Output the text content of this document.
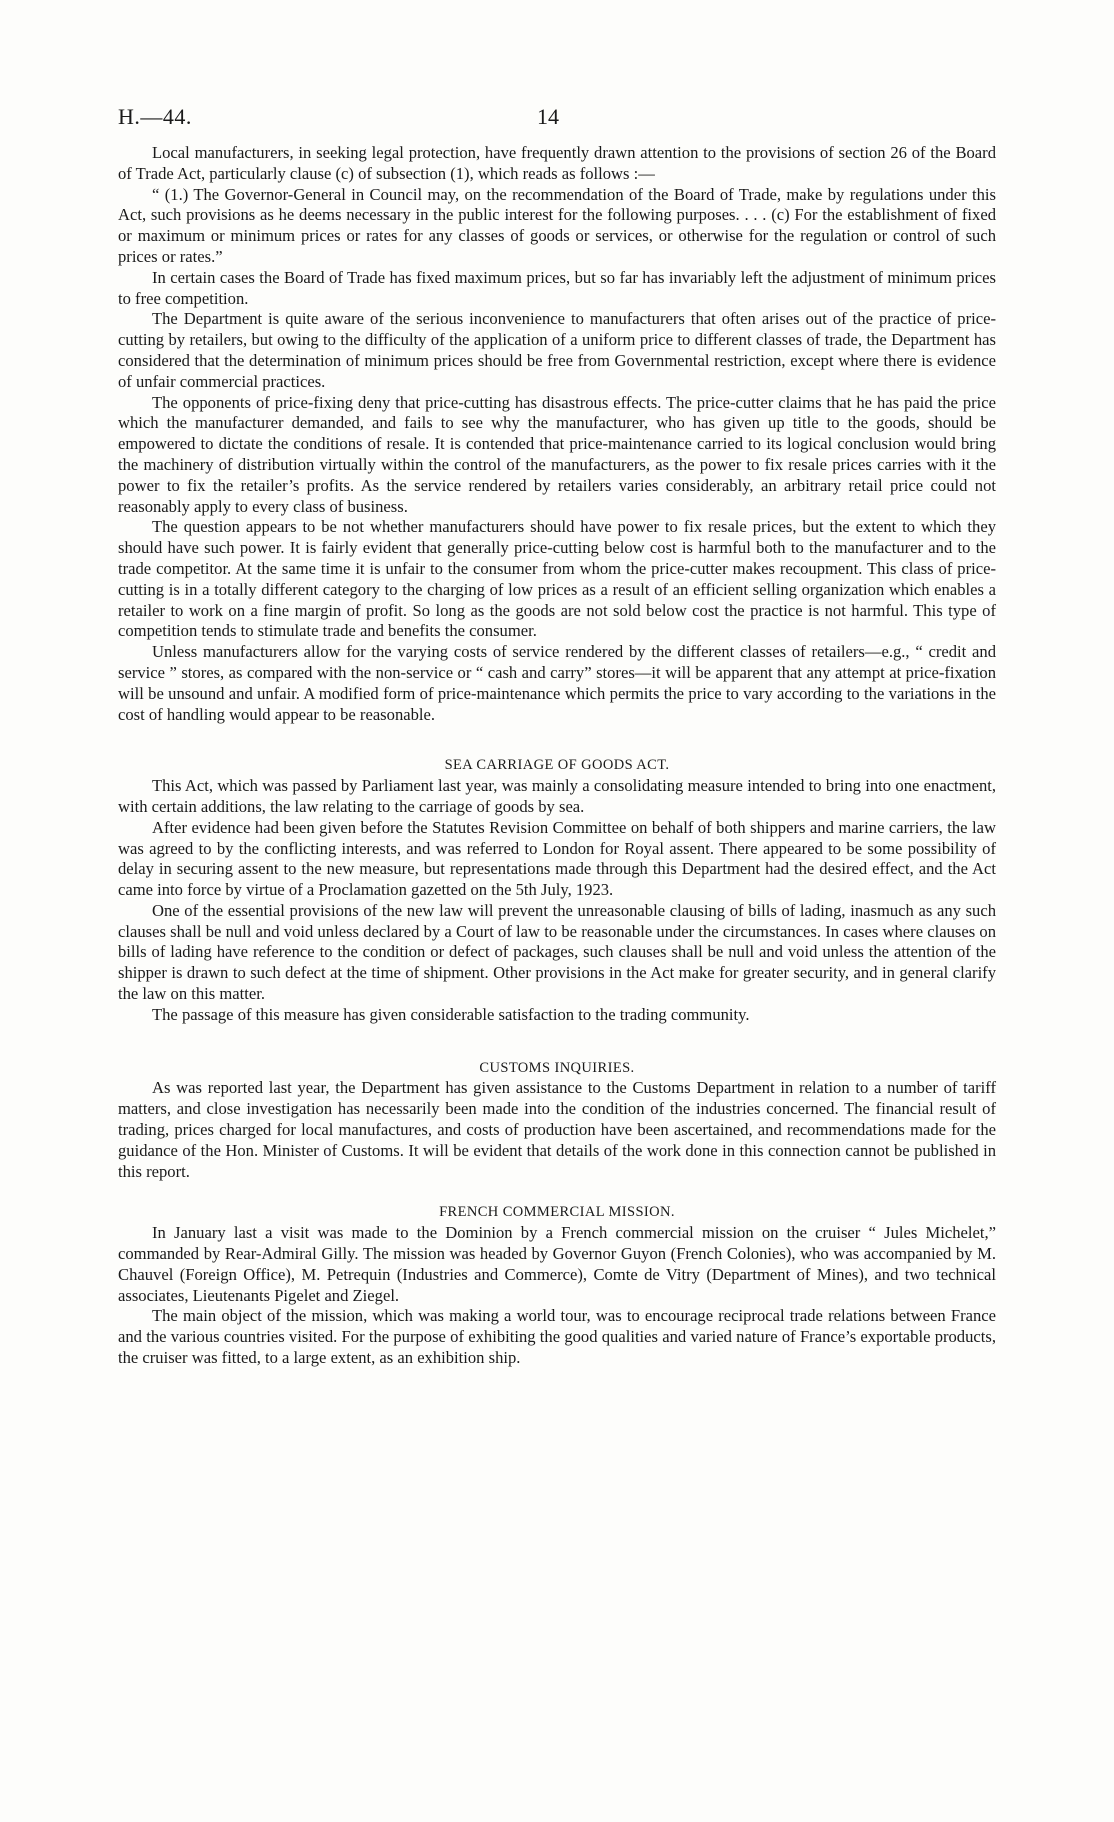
H.—44.	14

Local manufacturers, in seeking legal protection, have frequently drawn attention to the provisions of section 26 of the Board of Trade Act, particularly clause (c) of subsection (1), which reads as follows :—

“ (1.) The Governor-General in Council may, on the recommendation of the Board of Trade, make by regulations under this Act, such provisions as he deems necessary in the public interest for the following purposes. . . . (c) For the establishment of fixed or maximum or minimum prices or rates for any classes of goods or services, or otherwise for the regulation or control of such prices or rates.”

In certain cases the Board of Trade has fixed maximum prices, but so far has invariably left the adjustment of minimum prices to free competition.

The Department is quite aware of the serious inconvenience to manufacturers that often arises out of the practice of price-cutting by retailers, but owing to the difficulty of the application of a uniform price to different classes of trade, the Department has considered that the determination of minimum prices should be free from Governmental restriction, except where there is evidence of unfair commercial practices.

The opponents of price-fixing deny that price-cutting has disastrous effects. The price-cutter claims that he has paid the price which the manufacturer demanded, and fails to see why the manufacturer, who has given up title to the goods, should be empowered to dictate the conditions of resale. It is contended that price-maintenance carried to its logical conclusion would bring the machinery of distribution virtually within the control of the manufacturers, as the power to fix resale prices carries with it the power to fix the retailer’s profits. As the service rendered by retailers varies considerably, an arbitrary retail price could not reasonably apply to every class of business.

The question appears to be not whether manufacturers should have power to fix resale prices, but the extent to which they should have such power. It is fairly evident that generally price-cutting below cost is harmful both to the manufacturer and to the trade competitor. At the same time it is unfair to the consumer from whom the price-cutter makes recoupment. This class of price-cutting is in a totally different category to the charging of low prices as a result of an efficient selling organization which enables a retailer to work on a fine margin of profit. So long as the goods are not sold below cost the practice is not harmful. This type of competition tends to stimulate trade and benefits the consumer.

Unless manufacturers allow for the varying costs of service rendered by the different classes of retailers—e.g., “ credit and service ” stores, as compared with the non-service or “ cash and carry” stores—it will be apparent that any attempt at price-fixation will be unsound and unfair. A modified form of price-maintenance which permits the price to vary according to the variations in the cost of handling would appear to be reasonable.

SEA CARRIAGE OF GOODS ACT.

This Act, which was passed by Parliament last year, was mainly a consolidating measure intended to bring into one enactment, with certain additions, the law relating to the carriage of goods by sea.

After evidence had been given before the Statutes Revision Committee on behalf of both shippers and marine carriers, the law was agreed to by the conflicting interests, and was referred to London for Royal assent. There appeared to be some possibility of delay in securing assent to the new measure, but representations made through this Department had the desired effect, and the Act came into force by virtue of a Proclamation gazetted on the 5th July, 1923.

One of the essential provisions of the new law will prevent the unreasonable clausing of bills of lading, inasmuch as any such clauses shall be null and void unless declared by a Court of law to be reasonable under the circumstances. In cases where clauses on bills of lading have reference to the condition or defect of packages, such clauses shall be null and void unless the attention of the shipper is drawn to such defect at the time of shipment. Other provisions in the Act make for greater security, and in general clarify the law on this matter.

The passage of this measure has given considerable satisfaction to the trading community.

CUSTOMS INQUIRIES.

As was reported last year, the Department has given assistance to the Customs Department in relation to a number of tariff matters, and close investigation has necessarily been made into the condition of the industries concerned. The financial result of trading, prices charged for local manufactures, and costs of production have been ascertained, and recommendations made for the guidance of the Hon. Minister of Customs. It will be evident that details of the work done in this connection cannot be published in this report.

FRENCH COMMERCIAL MISSION.

In January last a visit was made to the Dominion by a French commercial mission on the cruiser “ Jules Michelet,” commanded by Rear-Admiral Gilly. The mission was headed by Governor Guyon (French Colonies), who was accompanied by M. Chauvel (Foreign Office), M. Petrequin (Industries and Commerce), Comte de Vitry (Department of Mines), and two technical associates, Lieutenants Pigelet and Ziegel.

The main object of the mission, which was making a world tour, was to encourage reciprocal trade relations between France and the various countries visited. For the purpose of exhibiting the good qualities and varied nature of France’s exportable products, the cruiser was fitted, to a large extent, as an exhibition ship.
